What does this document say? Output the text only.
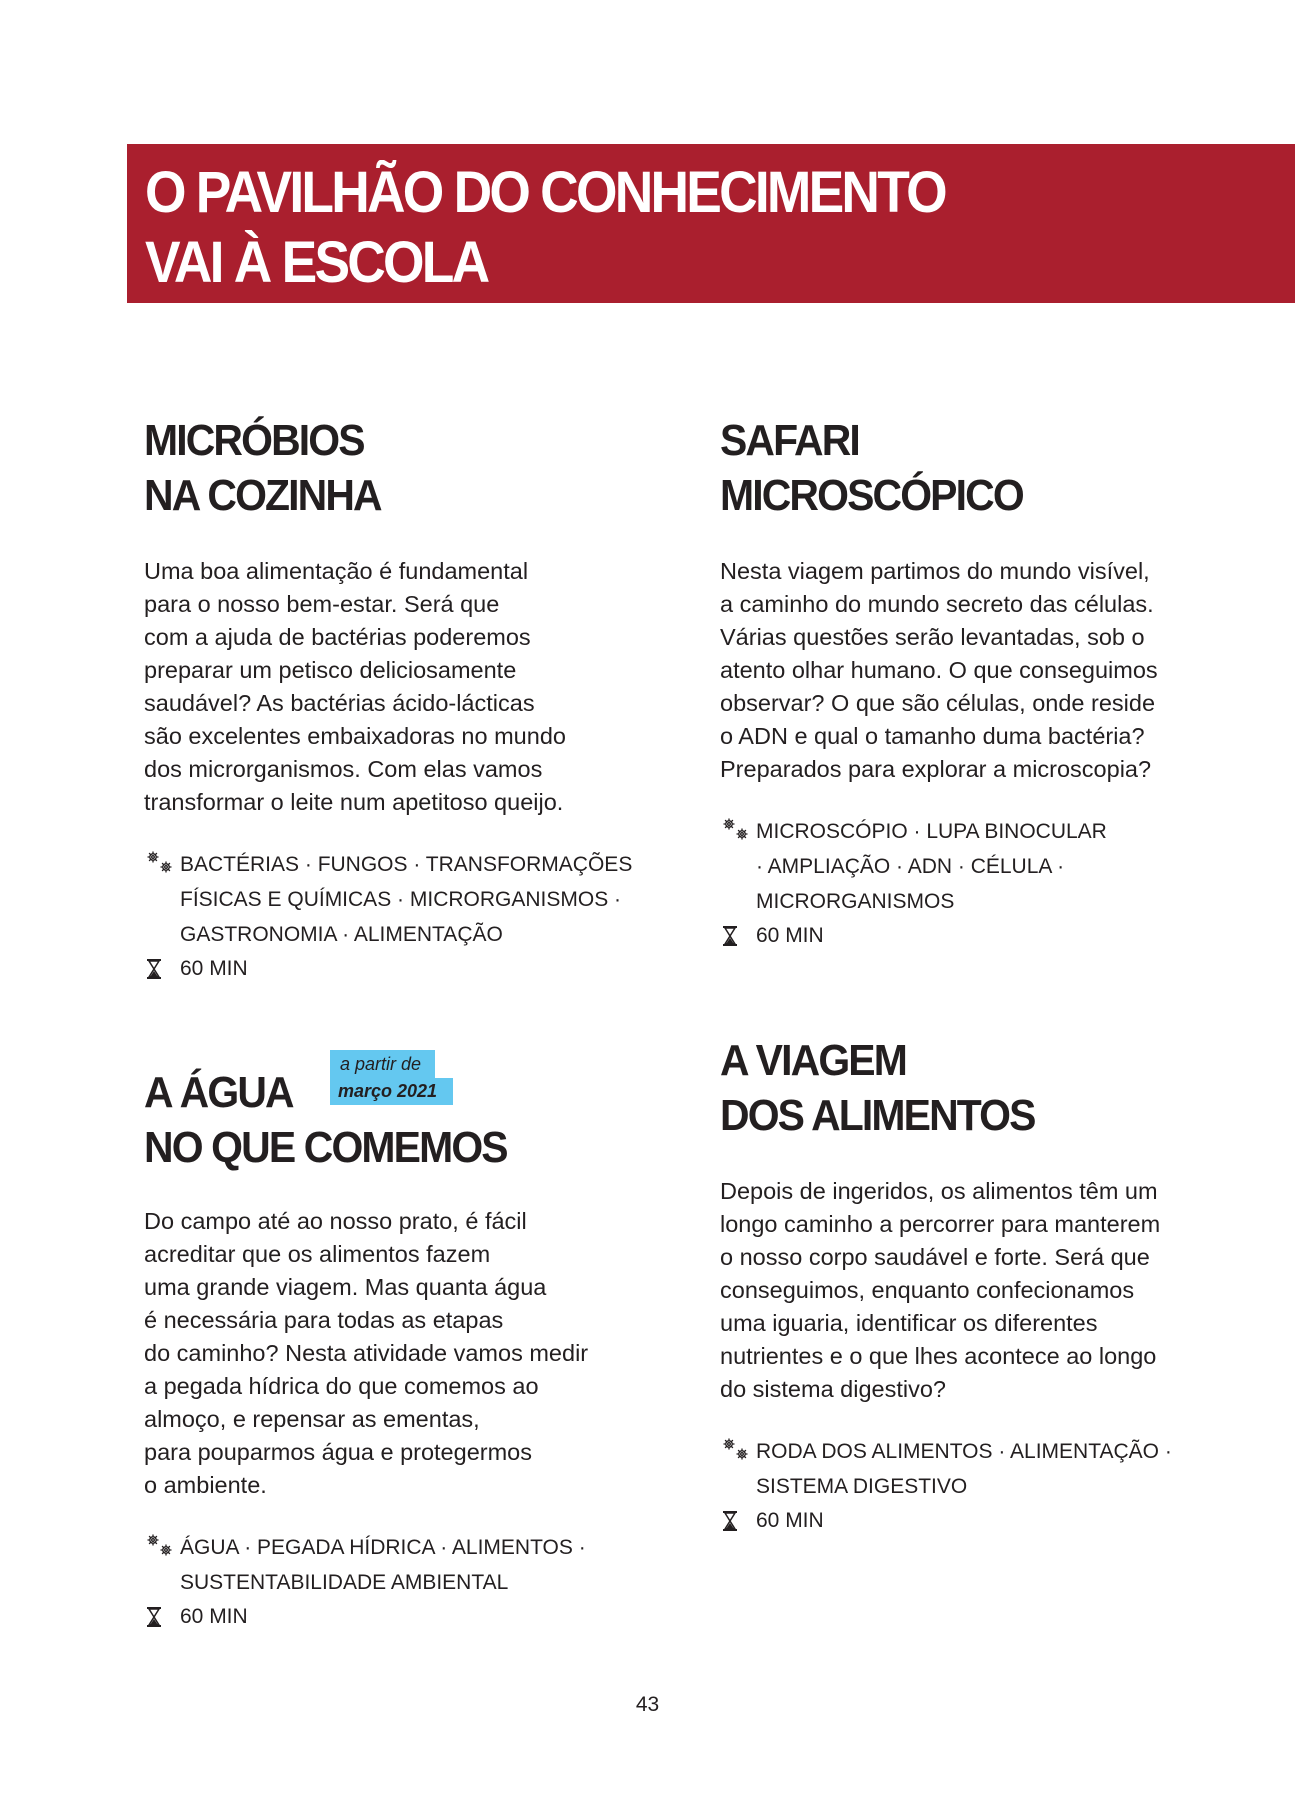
O PAVILHÃO DO CONHECIMENTO
VAI À ESCOLA
MICRÓBIOS
NA COZINHA
Uma boa alimentação é fundamental
para o nosso bem-estar. Será que
com a ajuda de bactérias poderemos
preparar um petisco deliciosamente
saudável? As bactérias ácido-lácticas
são excelentes embaixadoras no mundo
dos microrganismos. Com elas vamos
transformar o leite num apetitoso queijo.
BACTÉRIAS · FUNGOS · TRANSFORMAÇÕES
FÍSICAS E QUÍMICAS · MICRORGANISMOS ·
GASTRONOMIA · ALIMENTAÇÃO
60 MIN
SAFARI
MICROSCÓPICO
Nesta viagem partimos do mundo visível,
a caminho do mundo secreto das células.
Várias questões serão levantadas, sob o
atento olhar humano. O que conseguimos
observar? O que são células, onde reside
o ADN e qual o tamanho duma bactéria?
Preparados para explorar a microscopia?
MICROSCÓPIO · LUPA BINOCULAR
· AMPLIAÇÃO · ADN · CÉLULA ·
MICRORGANISMOS
60 MIN
A ÁGUA
NO QUE COMEMOS
Do campo até ao nosso prato, é fácil
acreditar que os alimentos fazem
uma grande viagem. Mas quanta água
é necessária para todas as etapas
do caminho? Nesta atividade vamos medir
a pegada hídrica do que comemos ao
almoço, e repensar as ementas,
para pouparmos água e protegermos
o ambiente.
ÁGUA · PEGADA HÍDRICA · ALIMENTOS ·
SUSTENTABILIDADE AMBIENTAL
60 MIN
a partir de
março 2021
A VIAGEM
DOS ALIMENTOS
Depois de ingeridos, os alimentos têm um
longo caminho a percorrer para manterem
o nosso corpo saudável e forte. Será que
conseguimos, enquanto confecionamos
uma iguaria, identificar os diferentes
nutrientes e o que lhes acontece ao longo
do sistema digestivo?
RODA DOS ALIMENTOS · ALIMENTAÇÃO ·
SISTEMA DIGESTIVO
60 MIN
43
